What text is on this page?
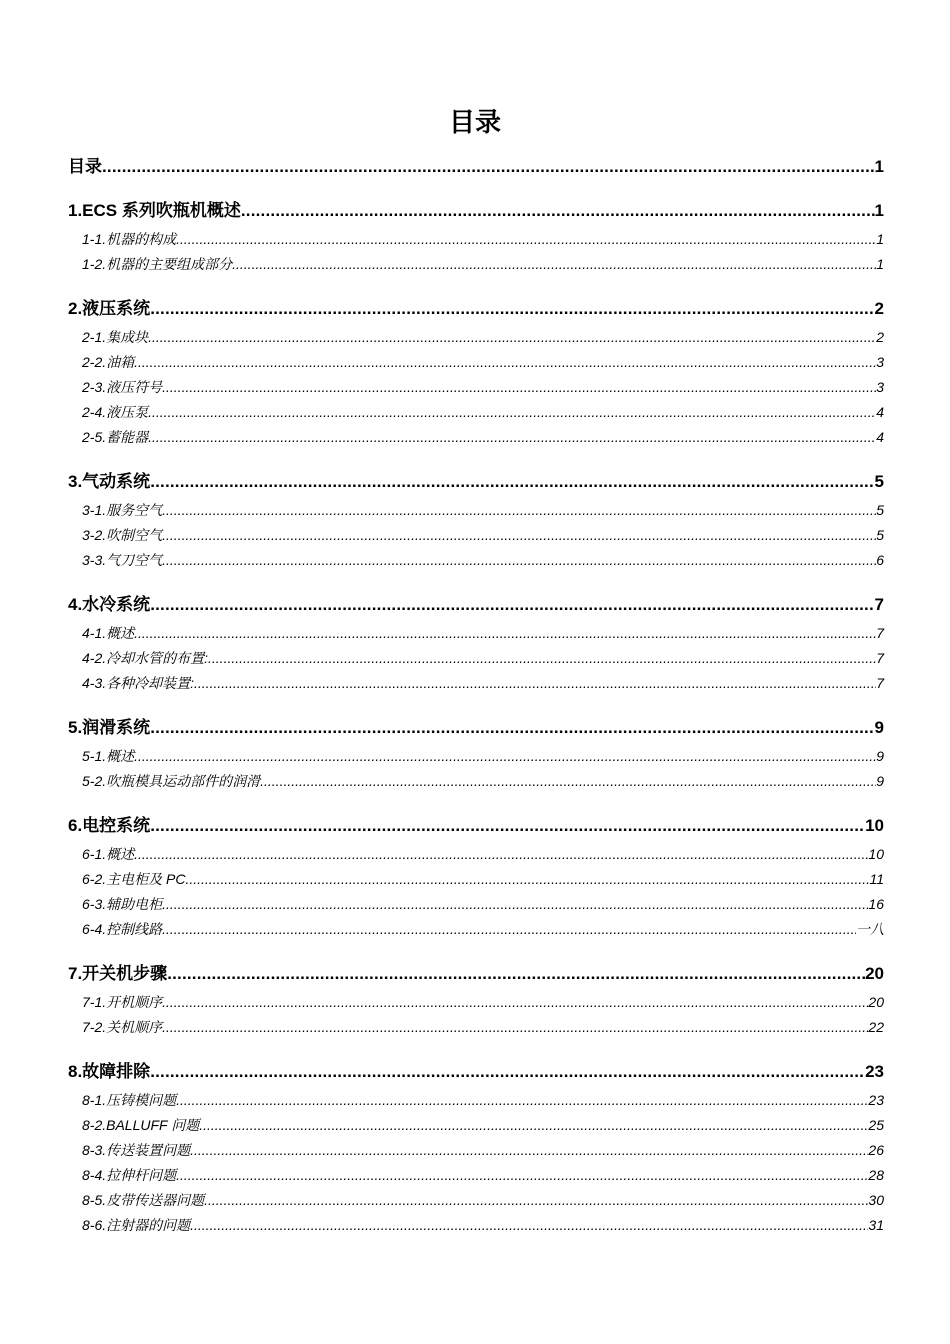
目录
目录 .....	1
1.ECS 系列吹瓶机概述 .....	1
1-1.机器的构成 .....	1
1-2.机器的主要组成部分 .....	1
2.液压系统 .....	2
2-1.集成块 .....	2
2-2.油箱 .....	3
2-3.液压符号 .....	3
2-4.液压泵 .....	4
2-5.蓄能器 .....	4
3.气动系统 .....	5
3-1.服务空气 .....	5
3-2.吹制空气 .....	5
3-3.气刀空气 .....	6
4.水冷系统 .....	7
4-1.概述 .....	7
4-2.冷却水管的布置: .....	7
4-3.各种冷却装置: .....	7
5.润滑系统 .....	9
5-1.概述 .....	9
5-2.吹瓶模具运动部件的润滑 .....	9
6.电控系统 .....	10
6-1.概述 .....	10
6-2.主电柜及 PC .....	11
6-3.辅助电柜 .....	16
6-4.控制线路 .....	一八
7.开关机步骤 .....	20
7-1.开机顺序 .....	20
7-2.关机顺序 .....	22
8.故障排除 .....	23
8-1.压铸模问题 .....	23
8-2.BALLUFF 问题 .....	25
8-3.传送装置问题 .....	26
8-4.拉伸杆问题 .....	28
8-5.皮带传送器问题 .....	30
8-6.注射器的问题 .....	31
